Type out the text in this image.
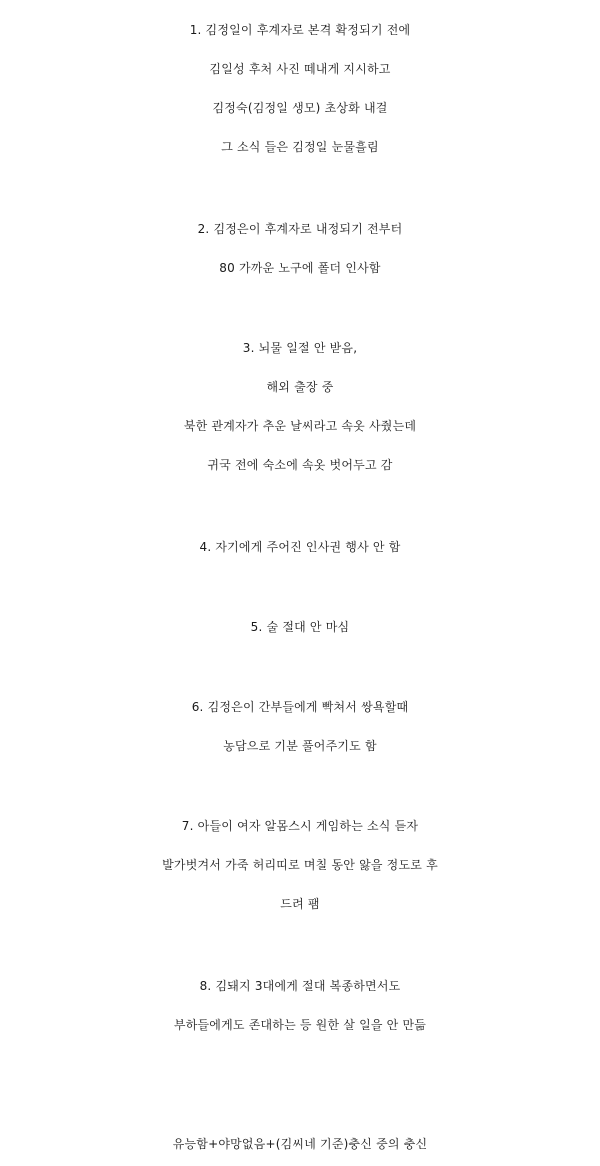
1. 김정일이 후계자로 본격 확정되기 전에
김일성 후처 사진 떼내게 지시하고
김정숙(김정일 생모) 초상화 내걸
그 소식 들은 김정일 눈물흘림
2. 김정은이 후계자로 내정되기 전부터
80 가까운 노구에 폴더 인사함
3. 뇌물 일절 안 받음,
해외 출장 중
북한 관계자가 추운 날씨라고 속옷 사줬는데
귀국 전에 숙소에 속옷 벗어두고 감
4. 자기에게 주어진 인사권 행사 안 함
5. 술 절대 안 마심
6. 김정은이 간부들에게 빡쳐서 쌍욕할때
농담으로 기분 풀어주기도 함
7. 아들이 여자 알몸스시 게임하는 소식 듣자
발가벗겨서 가죽 허리띠로 며칠 동안 앓을 정도로 후
드려 팸
8. 김돼지 3대에게 절대 복종하면서도
부하들에게도 존대하는 등 원한 살 일을 안 만듦
유능함+야망없음+(김씨네 기준)충신 중의 충신
